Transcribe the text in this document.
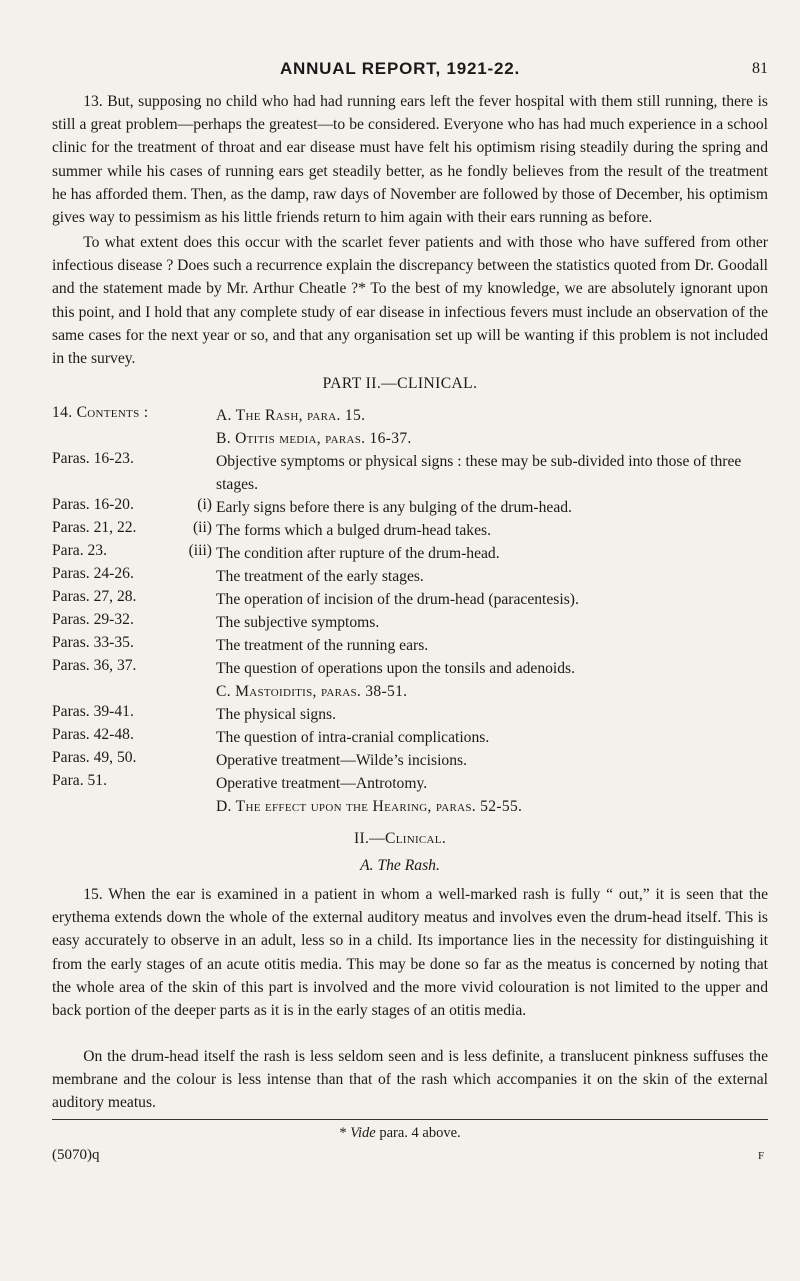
ANNUAL REPORT, 1921-22.	81

13. But, supposing no child who had had running ears left the fever hospital with them still running, there is still a great problem—perhaps the greatest—to be considered. Everyone who has had much experience in a school clinic for the treatment of throat and ear disease must have felt his optimism rising steadily during the spring and summer while his cases of running ears get steadily better, as he fondly believes from the result of the treatment he has afforded them. Then, as the damp, raw days of November are followed by those of December, his optimism gives way to pessimism as his little friends return to him again with their ears running as before.

To what extent does this occur with the scarlet fever patients and with those who have suffered from other infectious disease ? Does such a recurrence explain the discrepancy between the statistics quoted from Dr. Goodall and the statement made by Mr. Arthur Cheatle ?* To the best of my knowledge, we are absolutely ignorant upon this point, and I hold that any complete study of ear disease in infectious fevers must include an observation of the same cases for the next year or so, and that any organisation set up will be wanting if this problem is not included in the survey.

PART II.—CLINICAL.
14. Contents :	A. The Rash, para. 15.
B. Otitis media, paras. 16-37.
Paras. 16-23.	Objective symptoms or physical signs : these may be sub-divided into those of three stages.
Paras. 16-20.	(i) Early signs before there is any bulging of the drum-head.
Paras. 21, 22.	(ii) The forms which a bulged drum-head takes.
Para. 23.	(iii) The condition after rupture of the drum-head.
Paras. 24-26.	The treatment of the early stages.
Paras. 27, 28.	The operation of incision of the drum-head (paracentesis).
Paras. 29-32.	The subjective symptoms.
Paras. 33-35.	The treatment of the running ears.
Paras. 36, 37.	The question of operations upon the tonsils and adenoids.
C. Mastoiditis, paras. 38-51.
Paras. 39-41.	The physical signs.
Paras. 42-48.	The question of intra-cranial complications.
Paras. 49, 50.	Operative treatment—Wilde’s incisions.
Para. 51.	Operative treatment—Antrotomy.
D. The effect upon the Hearing, paras. 52-55.
II.—Clinical.
A. The Rash.

15. When the ear is examined in a patient in whom a well-marked rash is fully “ out,” it is seen that the erythema extends down the whole of the external auditory meatus and involves even the drum-head itself. This is easy accurately to observe in an adult, less so in a child. Its importance lies in the necessity for distinguishing it from the early stages of an acute otitis media. This may be done so far as the meatus is concerned by noting that the whole area of the skin of this part is involved and the more vivid colouration is not limited to the upper and back portion of the deeper parts as it is in the early stages of an otitis media.

On the drum-head itself the rash is less seldom seen and is less definite, a translucent pinkness suffuses the membrane and the colour is less intense than that of the rash which accompanies it on the skin of the external auditory meatus.

* Vide para. 4 above.
(5070)q	F
